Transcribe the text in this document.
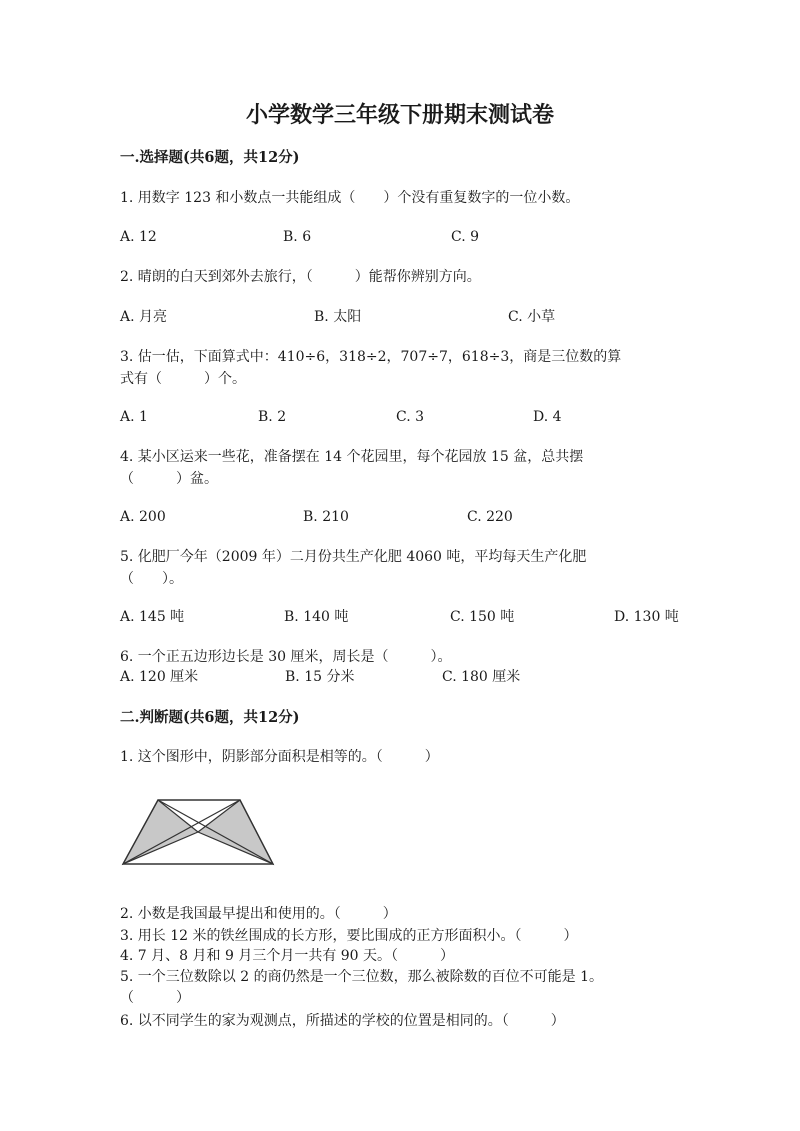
小学数学三年级下册期末测试卷
一.选择题(共6题，共12分)
1. 用数字 123 和小数点一共能组成（　　）个没有重复数字的一位小数。
A. 12	B. 6	C. 9
2. 晴朗的白天到郊外去旅行，（　　　）能帮你辨别方向。
A. 月亮	B. 太阳	C. 小草
3. 估一估，下面算式中：410÷6，318÷2，707÷7，618÷3，商是三位数的算
式有（　　　）个。
A. 1	B. 2	C. 3	D. 4
4. 某小区运来一些花，准备摆在 14 个花园里，每个花园放 15 盆，总共摆
（　　　）盆。
A. 200	B. 210	C. 220
5. 化肥厂今年（2009 年）二月份共生产化肥 4060 吨，平均每天生产化肥
（　　）。
A. 145 吨	B. 140 吨	C. 150 吨	D. 130 吨
6. 一个正五边形边长是 30 厘米，周长是（　　　）。
A. 120 厘米	B. 15 分米	C. 180 厘米
二.判断题(共6题，共12分)
1. 这个图形中，阴影部分面积是相等的。（　　　）
2. 小数是我国最早提出和使用的。（　　　）
3. 用长 12 米的铁丝围成的长方形，要比围成的正方形面积小。（　　　）
4. 7 月、8 月和 9 月三个月一共有 90 天。（　　　）
5. 一个三位数除以 2 的商仍然是一个三位数，那么被除数的百位不可能是 1。
（　　　）
6. 以不同学生的家为观测点，所描述的学校的位置是相同的。（　　　）
